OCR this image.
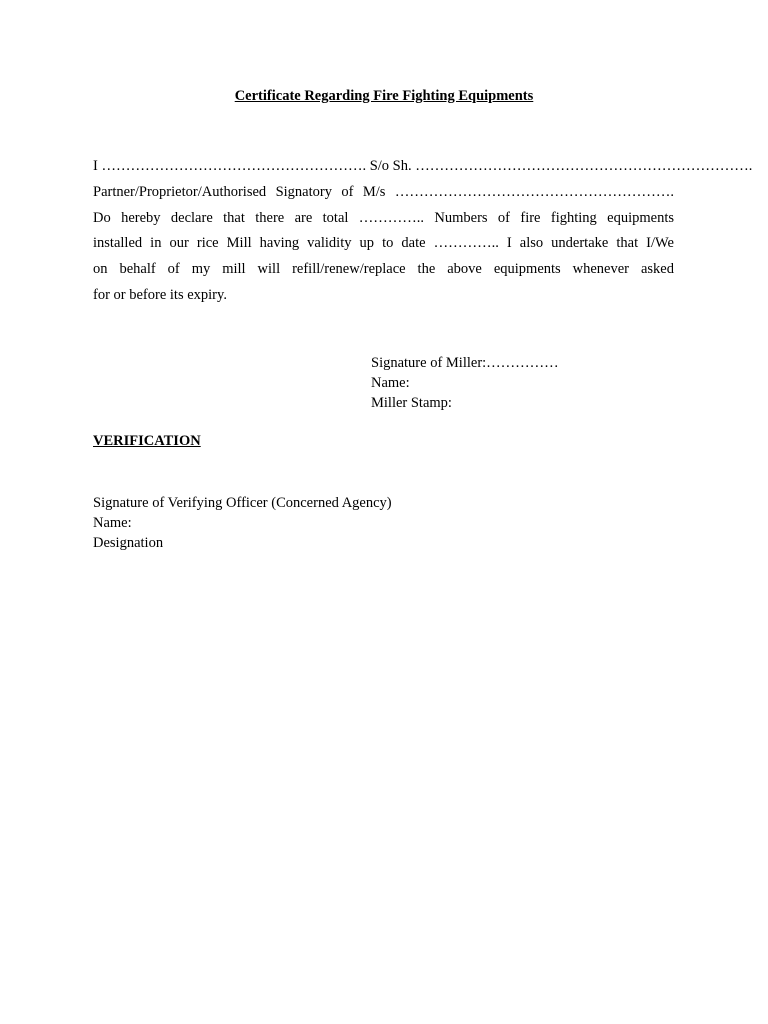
Certificate Regarding Fire Fighting Equipments
I ………………………………………………. S/o Sh. …………………………………………………………….
Partner/Proprietor/Authorised Signatory of M/s ………………………………………………….
Do hereby declare that there are total ………….. Numbers of fire fighting equipments
installed in our rice Mill having validity up to date ………….. I also undertake that I/We
on behalf of my mill will refill/renew/replace the above equipments whenever asked
for or before its expiry.
Signature of Miller:……………
Name:
Miller Stamp:
VERIFICATION
Signature of Verifying Officer (Concerned Agency)
Name:
Designation
